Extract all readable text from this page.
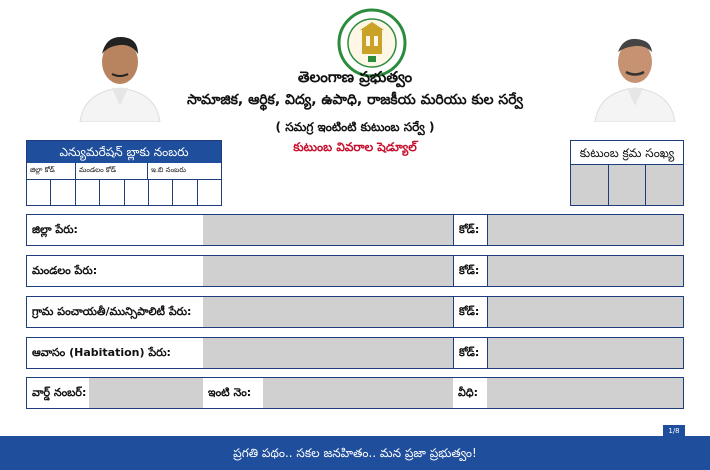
తెలంగాణ ప్రభుత్వం
సామాజిక, ఆర్థిక, విద్య, ఉపాధి, రాజకీయ మరియు కుల సర్వే
( సమగ్ర ఇంటింటి కుటుంబ సర్వే )
కుటుంబ వివరాల షెడ్యూల్
ఎన్యుమరేషన్ బ్లాకు నంబరు
జిల్లా కోడ్	మండలం కోడ్	ఇ.బి నంబరు
కుటుంబ క్రమ సంఖ్య
జిల్లా పేరు:	కోడ్:
మండలం పేరు:	కోడ్:
గ్రామ పంచాయతీ/మున్సిపాలిటీ పేరు:	కోడ్:
ఆవాసం (Habitation) పేరు:	కోడ్:
వార్డ్ నంబర్:	ఇంటి నెం:	వీధి:
1/8
ప్రగతి పథం.. సకల జనహితం.. మన ప్రజా ప్రభుత్వం!
